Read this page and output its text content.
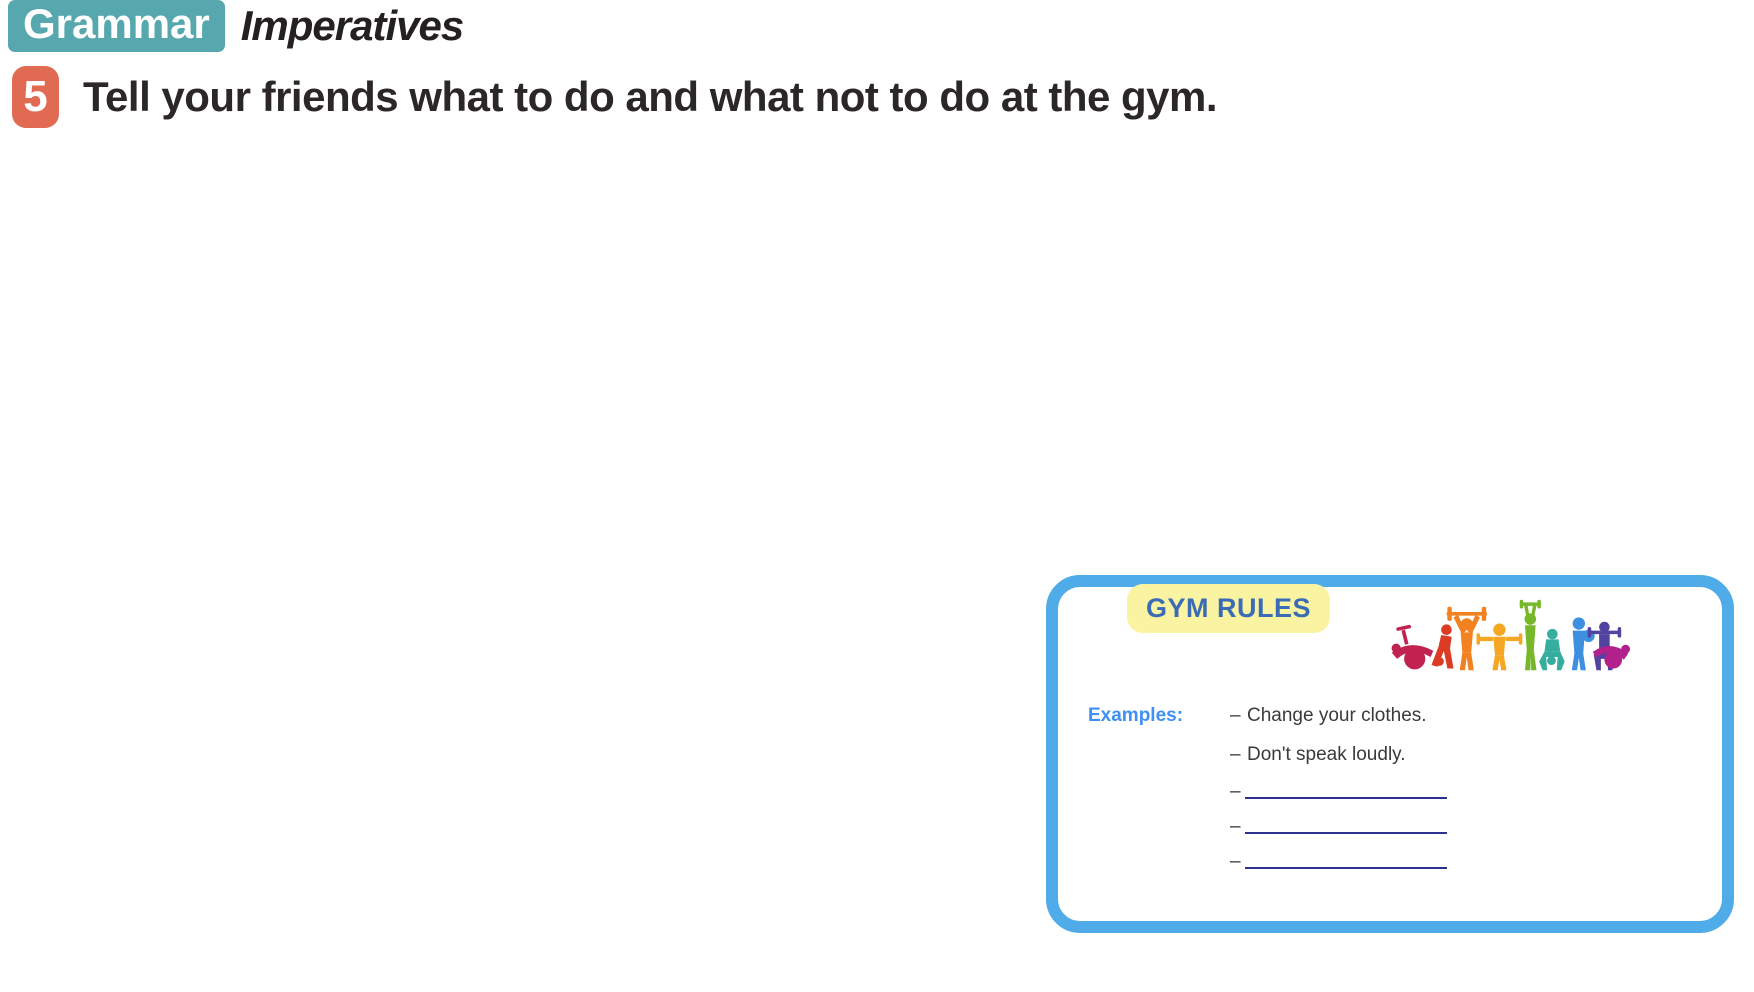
Grammar Imperatives
5 Tell your friends what to do and what not to do at the gym.
GYM RULES
Examples: – Change your clothes.
– Don't speak loudly.
–
–
–
